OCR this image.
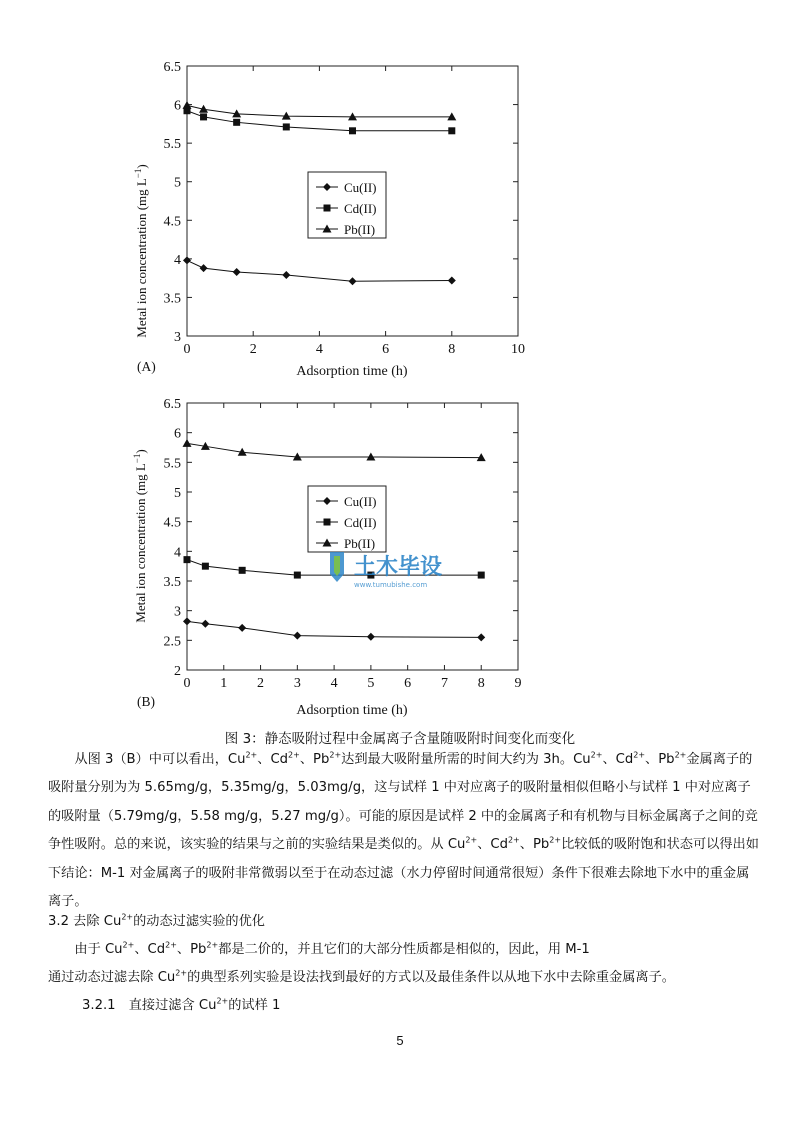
Metal ion concentration (mg $L^{-1}$)
Adsorption time (h)
(A)
3
3.5
4
4.5
5
5.5
6
6.5
0	2	4	6	8	10
Cu(II)
Cd(II)
Pb(II)
Metal ion concentration (mg $L^{-1}$)
Adsorption time (h)
(B)
2
2.5
3
3.5
4
4.5
5
5.5
6
6.5
0 1 2 3 4 5 6 7 8 9
Cu(II)
Cd(II)
Pb(II)
土木毕设
www.tumubishe.com
图 3：静态吸附过程中金属离子含量随吸附时间变化而变化
从图 3（B）中可以看出，$Cu^{2+}$、$Cd^{2+}$、$Pb^{2+}$达到最大吸附量所需的时间大约为 3h。$Cu^{2+}$、$Cd^{2+}$、$Pb^{2+}$金属离子的吸附量分别为为 5.65mg/g，5.35mg/g，5.03mg/g，这与试样 1 中对应离子的吸附量相似但略小与试样 1 中对应离子的吸附量（5.79mg/g，5.58 mg/g，5.27 mg/g）。可能的原因是试样 2 中的金属离子和有机物与目标金属离子之间的竞争性吸附。总的来说，该实验的结果与之前的实验结果是类似的。从 $Cu^{2+}$、$Cd^{2+}$、$Pb^{2+}$比较低的吸附饱和状态可以得出如下结论：M-1 对金属离子的吸附非常微弱以至于在动态过滤（水力停留时间通常很短）条件下很难去除地下水中的重金属离子。
3.2 去除 $Cu^{2+}$的动态过滤实验的优化
由于 $Cu^{2+}$、$Cd^{2+}$、$Pb^{2+}$都是二价的，并且它们的大部分性质都是相似的，因此，用 M-1
通过动态过滤去除 $Cu^{2+}$的典型系列实验是设法找到最好的方式以及最佳条件以从地下水中去除重金属离子。
3.2.1　直接过滤含 $Cu^{2+}$的试样 1
5
